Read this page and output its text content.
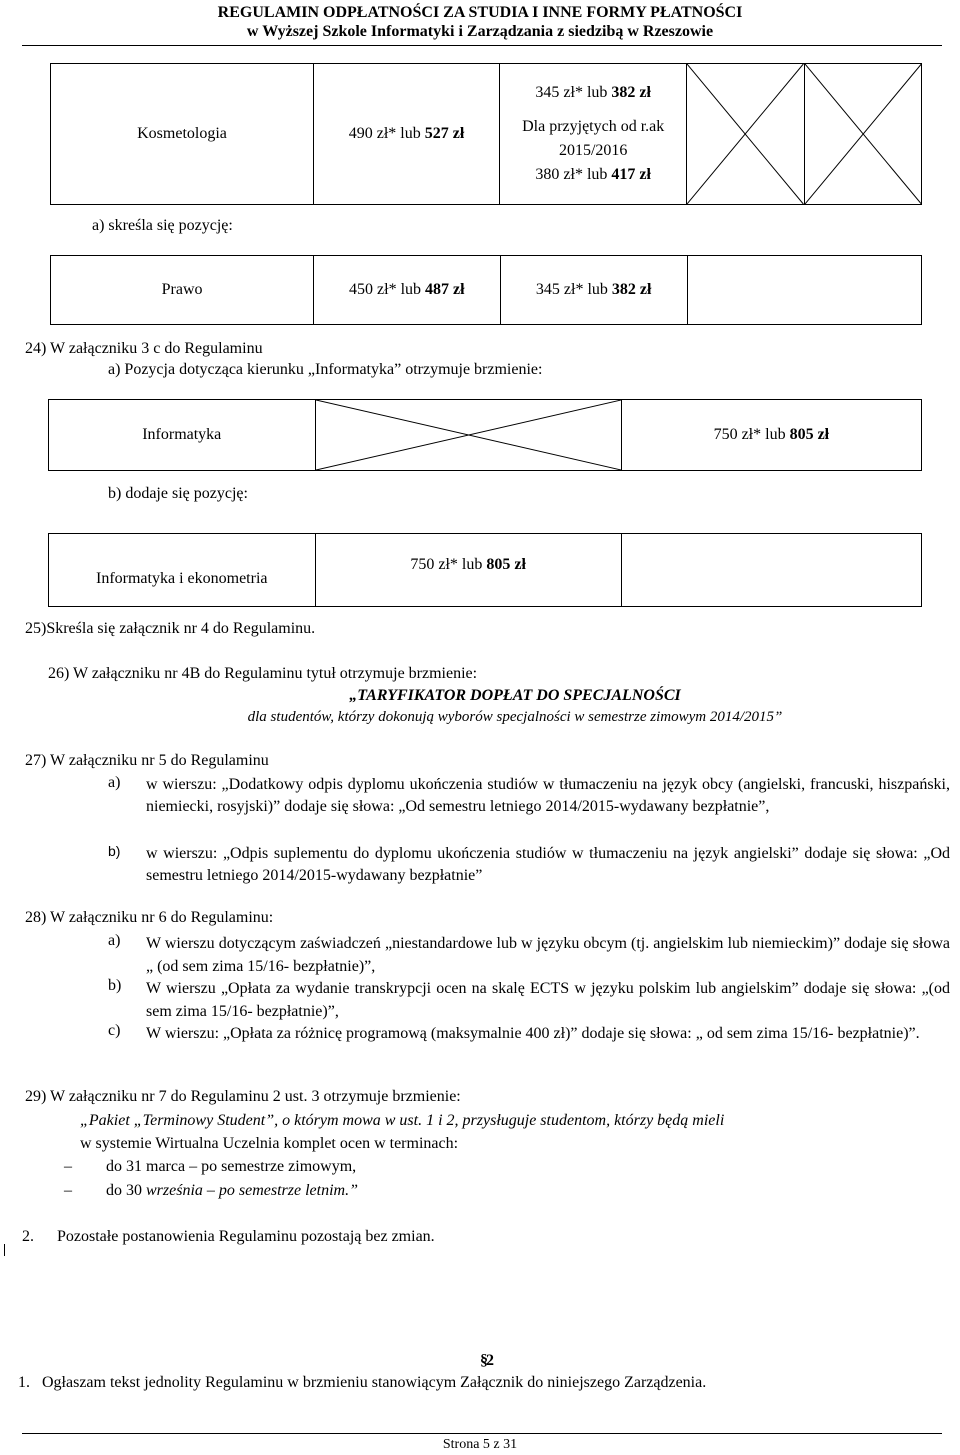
REGULAMIN ODPŁATNOŚCI ZA STUDIA I INNE FORMY PŁATNOŚCI
w Wyższej Szkole Informatyki i Zarządzania z siedzibą w Rzeszowie
Kosmetologia	490 zł* lub 527 zł	
345 zł* lub 382 zł
Dla przyjętych od r.ak
2015/2016
380 zł* lub 417 zł

a) skreśla się pozycję:
Prawo	450 zł* lub 487 zł	345 zł* lub 382 zł	
24) W załączniku 3 c do Regulaminu
a) Pozycja dotycząca kierunku „Informatyka” otrzymuje brzmienie:
Informatyka		750 zł* lub 805 zł
b) dodaje się pozycję:
Informatyka i ekonometria	750 zł* lub 805 zł	
25)Skreśla się załącznik nr 4 do Regulaminu.
26) W załączniku nr 4B do Regulaminu tytuł otrzymuje brzmienie:
„TARYFIKATOR DOPŁAT DO SPECJALNOŚCI
dla studentów, którzy dokonują wyborów specjalności w semestrze zimowym 2014/2015”
27) W załączniku nr 5 do Regulaminu
a) w wierszu: „Dodatkowy odpis dyplomu ukończenia studiów w tłumaczeniu na język obcy (angielski, francuski, hiszpański, niemiecki, rosyjski)” dodaje się słowa: „Od semestru letniego 2014/2015-wydawany bezpłatnie”,
b) w wierszu: „Odpis suplementu do dyplomu ukończenia studiów w tłumaczeniu na język angielski” dodaje się słowa: „Od semestru letniego 2014/2015-wydawany bezpłatnie”
28) W załączniku nr 6 do Regulaminu:
a) W wierszu dotyczącym zaświadczeń „niestandardowe lub w języku obcym (tj. angielskim lub niemieckim)” dodaje się słowa „ (od sem zima 15/16- bezpłatnie)”,
b) W wierszu „Opłata za wydanie transkrypcji ocen na skalę ECTS w języku polskim lub angielskim” dodaje się słowa: „(od sem zima 15/16- bezpłatnie)”,
c) W wierszu: „Opłata za różnicę programową (maksymalnie 400 zł)” dodaje się słowa: „ od sem zima 15/16- bezpłatnie)”.
29) W załączniku nr 7 do Regulaminu 2 ust. 3 otrzymuje brzmienie:
„Pakiet „Terminowy Student”, o którym mowa w ust. 1 i 2, przysługuje studentom, którzy będą mieli
w systemie Wirtualna Uczelnia komplet ocen w terminach:
– do 31 marca – po semestrze zimowym,
– do 30 września – po semestrze letnim.”
2. Pozostałe postanowienia Regulaminu pozostają bez zmian.
§
2
1. Ogłaszam tekst jednolity Regulaminu w brzmieniu stanowiącym Załącznik do niniejszego Zarządzenia.
Strona 5 z 31
